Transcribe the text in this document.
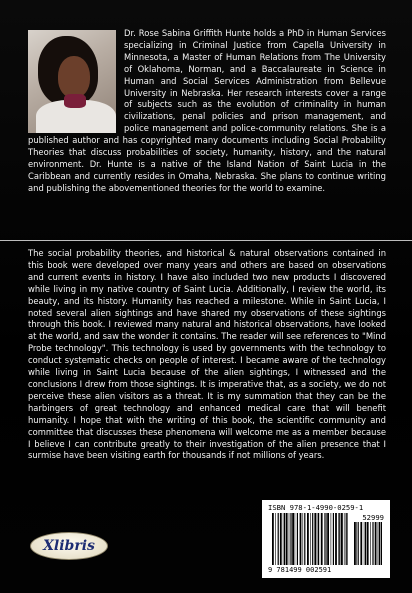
Dr. Rose Sabina Griffith Hunte holds a PhD in Human Services specializing in Criminal Justice from Capella University in Minnesota, a Master of Human Relations from The University of Oklahoma, Norman, and a Baccalaureate in Science in Human and Social Services Administration from Bellevue University in Nebraska. Her research interests cover a range of subjects such as the evolution of criminality in human civilizations, penal policies and prison management, and police management and police-community relations. She is a published author and has copyrighted many documents including Social Probability Theories that discuss probabilities of society, humanity, history, and the natural environment. Dr. Hunte is a native of the Island Nation of Saint Lucia in the Caribbean and currently resides in Omaha, Nebraska. She plans to continue writing and publishing the abovementioned theories for the world to examine.
The social probability theories, and historical & natural observations contained in this book were developed over many years and others are based on observations and current events in history. I have also included two new products I discovered while living in my native country of Saint Lucia. Additionally, I review the world, its beauty, and its history. Humanity has reached a milestone. While in Saint Lucia, I noted several alien sightings and have shared my observations of these sightings through this book. I reviewed many natural and historical observations, have looked at the world, and saw the wonder it contains. The reader will see references to "Mind Probe technology". This technology is used by governments with the technology to conduct systematic checks on people of interest. I became aware of the technology while living in Saint Lucia because of the alien sightings, I witnessed and the conclusions I drew from those sightings. It is imperative that, as a society, we do not perceive these alien visitors as a threat. It is my summation that they can be the harbingers of great technology and enhanced medical care that will benefit humanity. I hope that with the writing of this book, the scientific community and committee that discusses these phenomena will welcome me as a member because I believe I can contribute greatly to their investigation of the alien presence that I surmise have been visiting earth for thousands if not millions of years.
Xlibris
ISBN 978-1-4990-0259-1
52999
9 781499 002591
